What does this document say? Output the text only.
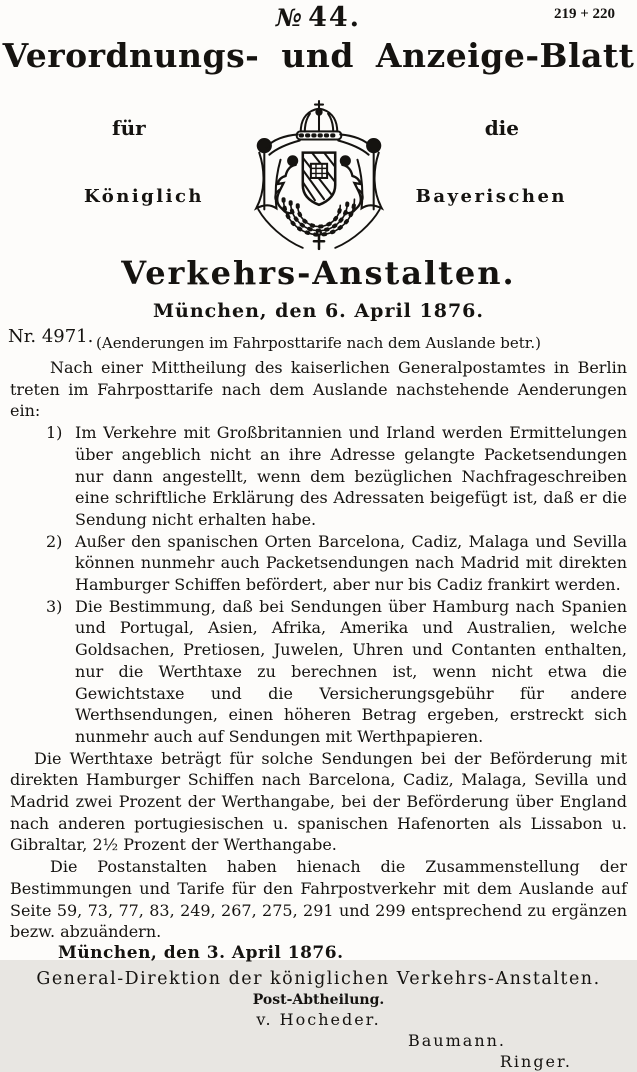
219 + 220
№ 44.
Verordnungs- und Anzeige-Blatt
für	die
Königlich	Bayerischen
Verkehrs-Anstalten.
München, den 6. April 1876.
Nr. 4971. (Aenderungen im Fahrposttarife nach dem Auslande betr.)

Nach einer Mittheilung des kaiserlichen Generalpostamtes in Berlin treten im Fahrposttarife nach dem Auslande nachstehende Aenderungen ein:

1) Im Verkehre mit Großbritannien und Irland werden Ermittelungen über angeblich nicht an ihre Adresse gelangte Packetsendungen nur dann angestellt, wenn dem bezüglichen Nachfrageschreiben eine schriftliche Erklärung des Adressaten beigefügt ist, daß er die Sendung nicht erhalten habe.
2) Außer den spanischen Orten Barcelona, Cadiz, Malaga und Sevilla können nunmehr auch Packetsendungen nach Madrid mit direkten Hamburger Schiffen befördert, aber nur bis Cadiz frankirt werden.
3) Die Bestimmung, daß bei Sendungen über Hamburg nach Spanien und Portugal, Asien, Afrika, Amerika und Australien, welche Goldsachen, Pretiosen, Juwelen, Uhren und Contanten enthalten, nur die Werthtaxe zu berechnen ist, wenn nicht etwa die Gewichtstaxe und die Versicherungsgebühr für andere Werthsendungen, einen höheren Betrag ergeben, erstreckt sich nunmehr auch auf Sendungen mit Werthpapieren.

Die Werthtaxe beträgt für solche Sendungen bei der Beförderung mit direkten Hamburger Schiffen nach Barcelona, Cadiz, Malaga, Sevilla und Madrid zwei Prozent der Werthangabe, bei der Beförderung über England nach anderen portugiesischen u. spanischen Hafenorten als Lissabon u. Gibraltar, 2½ Prozent der Werthangabe.

Die Postanstalten haben hienach die Zusammenstellung der Bestimmungen und Tarife für den Fahrpostverkehr mit dem Auslande auf Seite 59, 73, 77, 83, 249, 267, 275, 291 und 299 entsprechend zu ergänzen bezw. abzuändern.

München, den 3. April 1876.

General-Direktion der königlichen Verkehrs-Anstalten.
Post-Abtheilung.
v. Hocheder.
Baumann.
Ringer.
